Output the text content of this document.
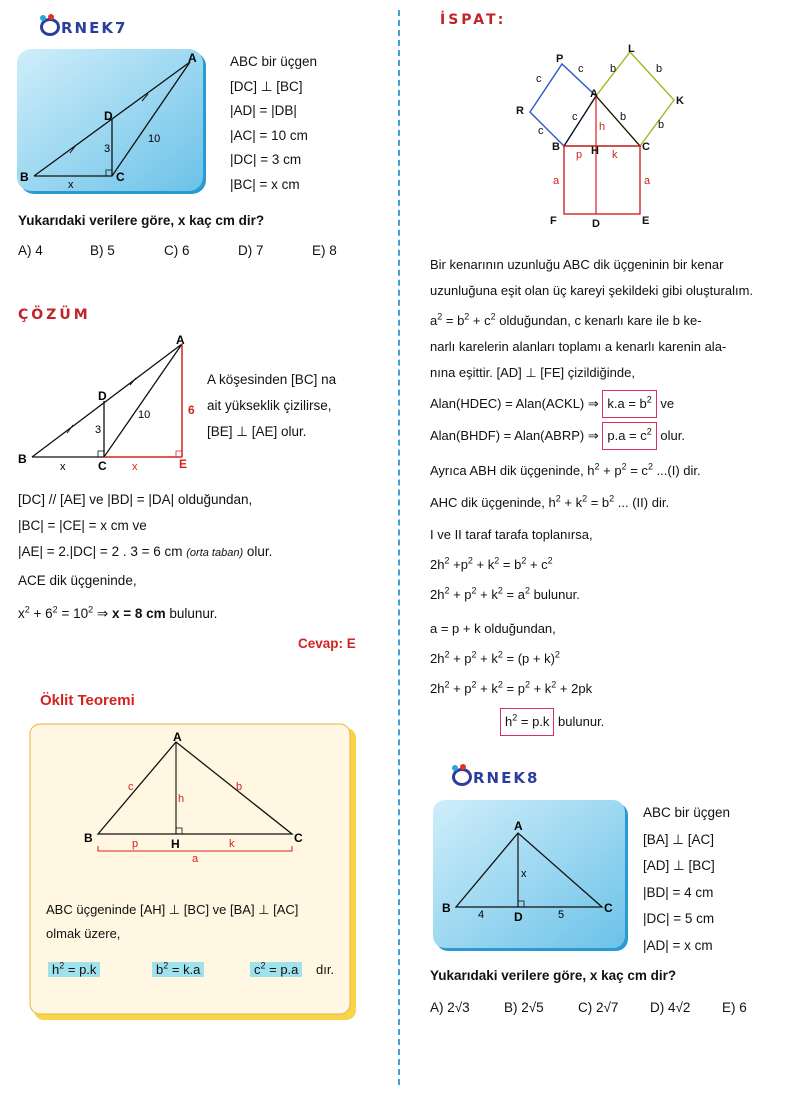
RNEK7
B	C
D
A
3
10
x
ABC bir üçgen
[DC] ⊥ [BC]
|AD| = |DB|
|AC| = 10 cm
|DC| = 3 cm
|BC| = x cm
Yukarıdaki verilere göre, x kaç cm dir?
A) 4	B) 5	C) 6	D) 7	E) 8
ÇÖZÜM
B	C
D
A
E
3
6
10
x	x
A köşesinden [BC] na
ait yükseklik çizilirse,
[BE] ⊥ [AE] olur.
[DC] // [AE] ve |BD| = |DA| olduğundan,
|BC| = |CE| = x cm ve
|AE| = 2.|DC| = 2 . 3 = 6 cm (orta taban) olur.
ACE dik üçgeninde,
$x^2 + 6^2 = 10^2$ ⇒ x = 8 cm bulunur.
Cevap: E
Öklit Teoremi
A
B	C
H
h
c	b
p	k
a
ABC üçgeninde [AH] ⊥ [BC] ve [BA] ⊥ [AC]
olmak üzere,
$h^2 = p.k$	$b^2 = k.a$	$c^2 = p.a$	dır.
İSPAT:
P
L
R
K
A
B	H	C
F	D	E
c
c
c
c
b	b
b
b
h
p	k
a	a
Bir kenarının uzunluğu ABC dik üçgeninin bir kenar
uzunluğuna eşit olan üç kareyi şekildeki gibi oluşturalım.
$a^2 = b^2 + c^2$ olduğundan, c kenarlı kare ile b ke-
narlı karelerin alanları toplamı a kenarlı karenin ala-
nına eşittir. [AD] ⊥ [FE] çizildiğinde,
Alan(HDEC) = Alan(ACKL) ⇒ $k.a = b^2$ ve
Alan(BHDF) = Alan(ABRP) ⇒ $p.a = c^2$ olur.
Ayrıca ABH dik üçgeninde, $h^2 + p^2 = c^2$ ...(I) dir.
AHC dik üçgeninde, $h^2 + k^2 = b^2$ ... (II) dir.
I ve II taraf tarafa toplanırsa,
$2h^2 +p^2 + k^2 = b^2 + c^2$
$2h^2 + p^2 + k^2 = a^2$ bulunur.
a = p + k olduğundan,
$2h^2 + p^2 + k^2 = (p + k)^2$
$2h^2 + p^2 + k^2 = p^2 + k^2 + 2pk$
$h^2 = p.k$ bulunur.
RNEK8
A
B	C
D
x
4	5
ABC bir üçgen
[BA] ⊥ [AC]
[AD] ⊥ [BC]
|BD| = 4 cm
|DC| = 5 cm
|AD| = x cm
Yukarıdaki verilere göre, x kaç cm dir?
A) 2√3	B) 2√5	C) 2√7 D) 4√2 E) 6
